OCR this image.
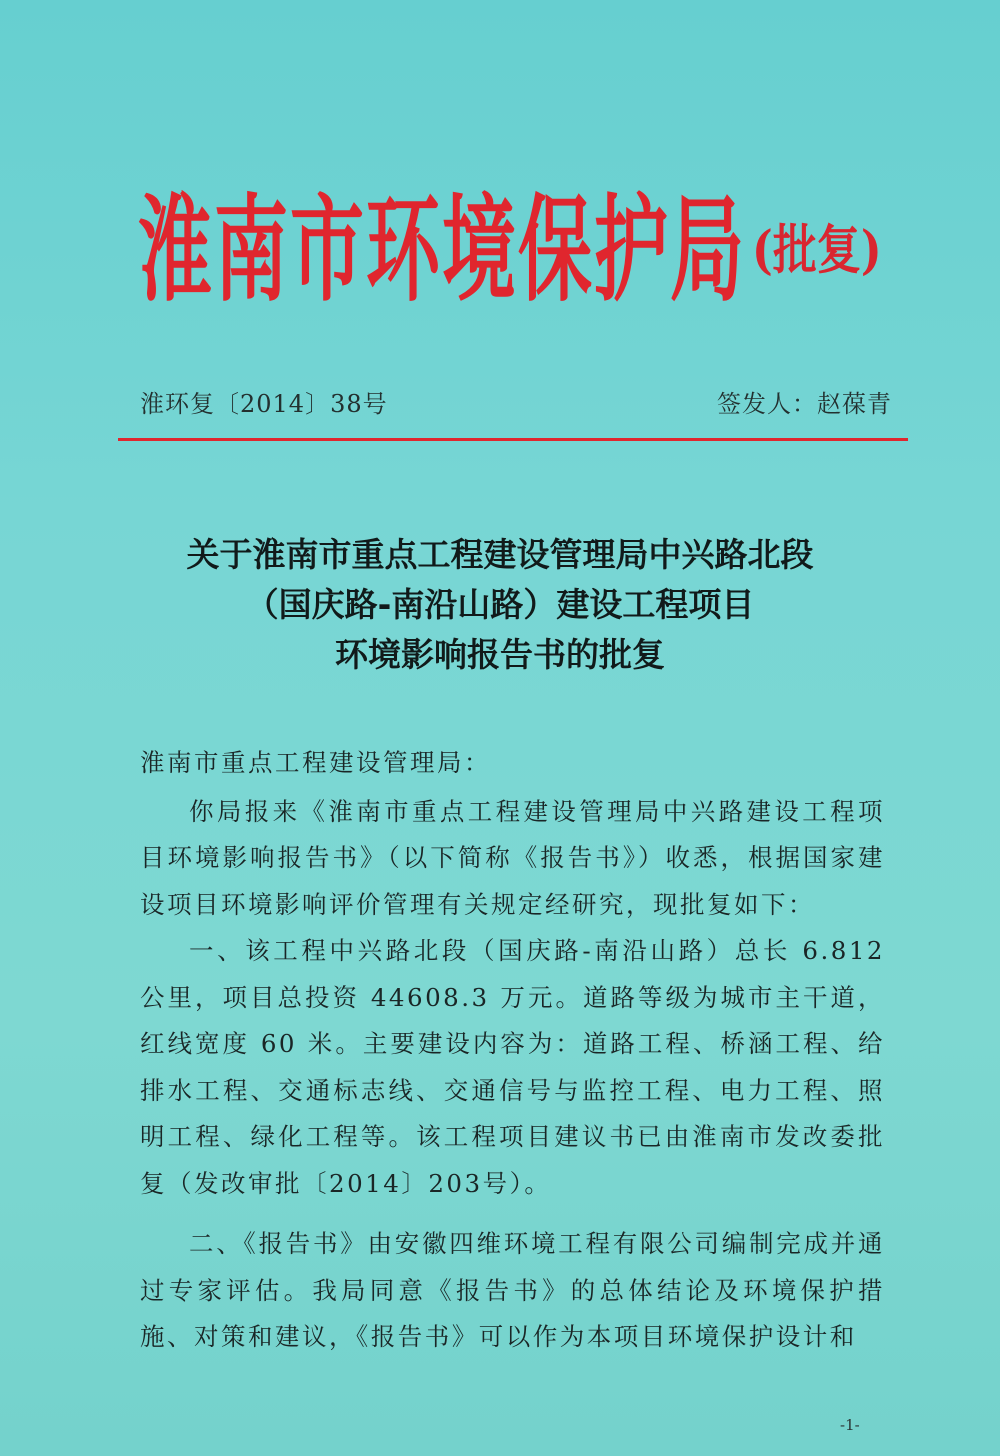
淮南市环境保护局 (批复)
淮环复〔2014〕38号	签发人：赵葆青
关于淮南市重点工程建设管理局中兴路北段
（国庆路-南沿山路）建设工程项目
环境影响报告书的批复

淮南市重点工程建设管理局：

你局报来《淮南市重点工程建设管理局中兴路建设工程项目环境影响报告书》（以下简称《报告书》）收悉，根据国家建设项目环境影响评价管理有关规定经研究，现批复如下：

一、该工程中兴路北段（国庆路-南沿山路）总长 6.812 公里，项目总投资 44608.3 万元。道路等级为城市主干道，红线宽度 60 米。主要建设内容为：道路工程、桥涵工程、给排水工程、交通标志线、交通信号与监控工程、电力工程、照明工程、绿化工程等。该工程项目建议书已由淮南市发改委批复（发改审批〔2014〕203号）。

二、《报告书》由安徽四维环境工程有限公司编制完成并通过专家评估。我局同意《报告书》的总体结论及环境保护措施、对策和建议，《报告书》可以作为本项目环境保护设计和

-1-
